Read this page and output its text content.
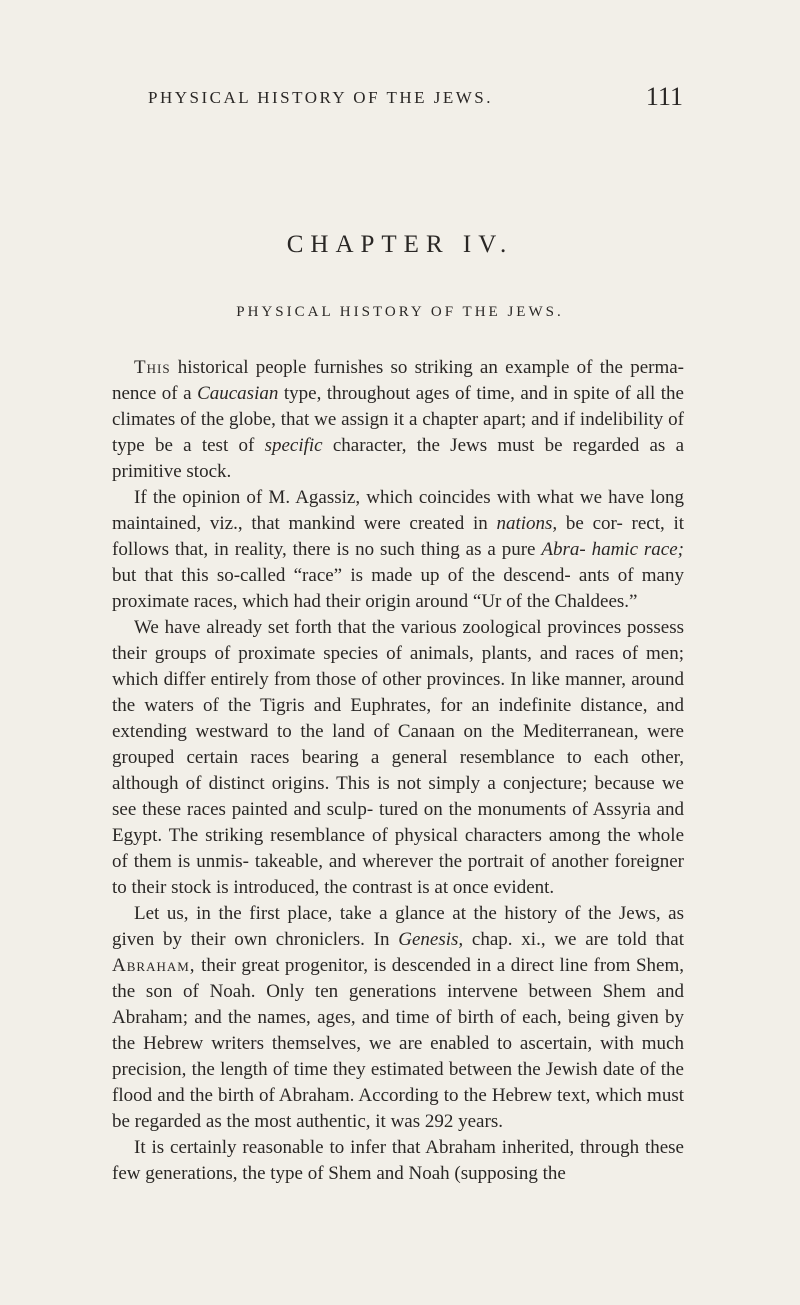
PHYSICAL HISTORY OF THE JEWS.	111
CHAPTER IV.
PHYSICAL HISTORY OF THE JEWS.

This historical people furnishes so striking an example of the perma- nence of a Caucasian type, throughout ages of time, and in spite of all the climates of the globe, that we assign it a chapter apart; and if indelibility of type be a test of specific character, the Jews must be regarded as a primitive stock.

If the opinion of M. Agassiz, which coincides with what we have long maintained, viz., that mankind were created in nations, be cor- rect, it follows that, in reality, there is no such thing as a pure Abra- hamic race; but that this so-called “race” is made up of the descend- ants of many proximate races, which had their origin around “Ur of the Chaldees.”

We have already set forth that the various zoological provinces possess their groups of proximate species of animals, plants, and races of men; which differ entirely from those of other provinces. In like manner, around the waters of the Tigris and Euphrates, for an indefinite distance, and extending westward to the land of Canaan on the Mediterranean, were grouped certain races bearing a general resemblance to each other, although of distinct origins. This is not simply a conjecture; because we see these races painted and sculp- tured on the monuments of Assyria and Egypt. The striking resemblance of physical characters among the whole of them is unmis- takeable, and wherever the portrait of another foreigner to their stock is introduced, the contrast is at once evident.

Let us, in the first place, take a glance at the history of the Jews, as given by their own chroniclers. In Genesis, chap. xi., we are told that Abraham, their great progenitor, is descended in a direct line from Shem, the son of Noah. Only ten generations intervene between Shem and Abraham; and the names, ages, and time of birth of each, being given by the Hebrew writers themselves, we are enabled to ascertain, with much precision, the length of time they estimated between the Jewish date of the flood and the birth of Abraham. According to the Hebrew text, which must be regarded as the most authentic, it was 292 years.

It is certainly reasonable to infer that Abraham inherited, through these few generations, the type of Shem and Noah (supposing the
